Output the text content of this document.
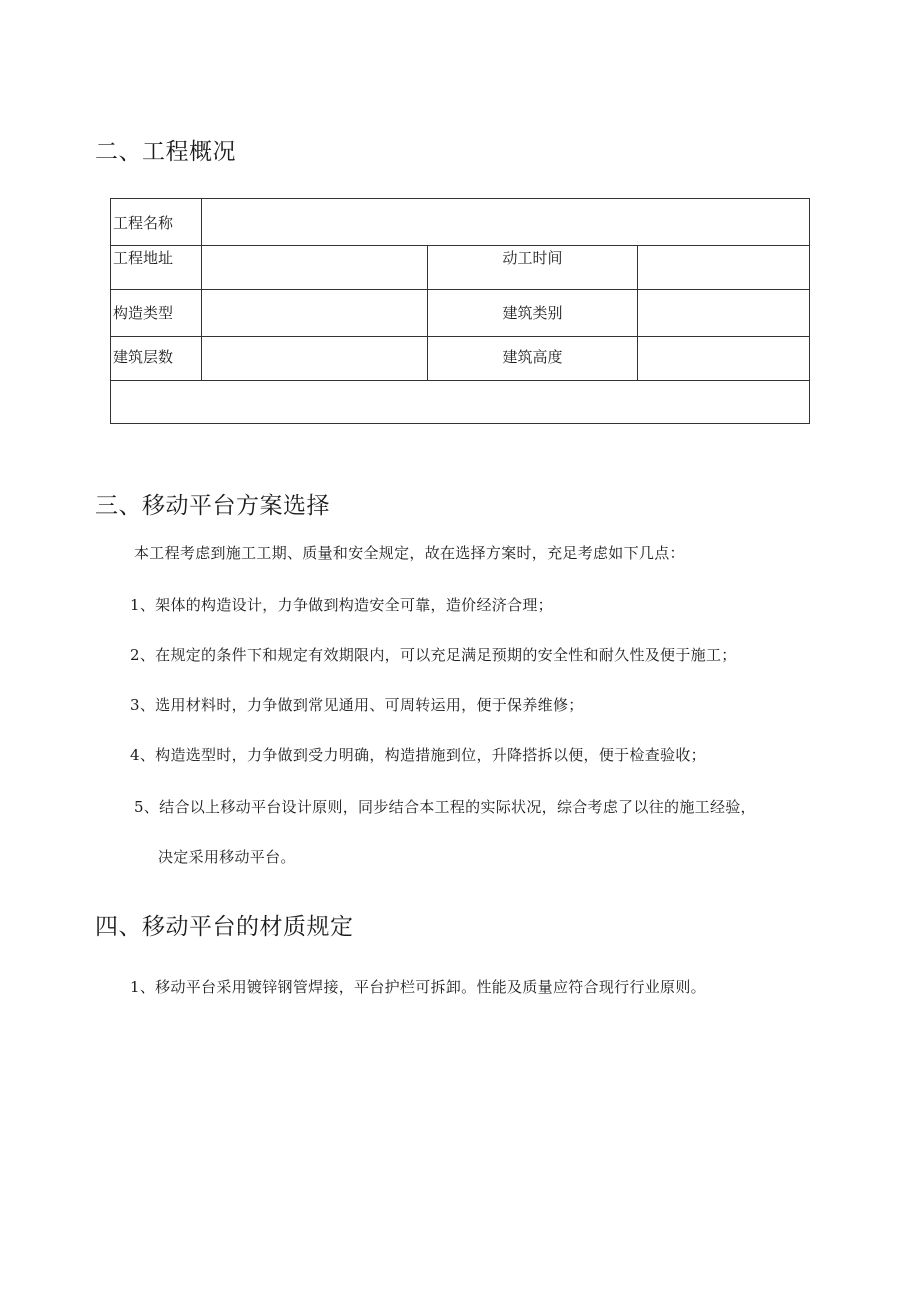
二、工程概况
工程名称			

工程地址		动工时间	

构造类型		建筑类别	

建筑层数		建筑高度	

三、移动平台方案选择

本工程考虑到施工工期、质量和安全规定，故在选择方案时，充足考虑如下几点：

1、架体的构造设计，力争做到构造安全可靠，造价经济合理；

2、在规定的条件下和规定有效期限内，可以充足满足预期的安全性和耐久性及便于施工；

3、选用材料时，力争做到常见通用、可周转运用，便于保养维修；

4、构造选型时，力争做到受力明确，构造措施到位，升降搭拆以便，便于检查验收；

5、结合以上移动平台设计原则，同步结合本工程的实际状况，综合考虑了以往的施工经验，

决定采用移动平台。

四、移动平台的材质规定

1、移动平台采用镀锌钢管焊接，平台护栏可拆卸。性能及质量应符合现行行业原则。
